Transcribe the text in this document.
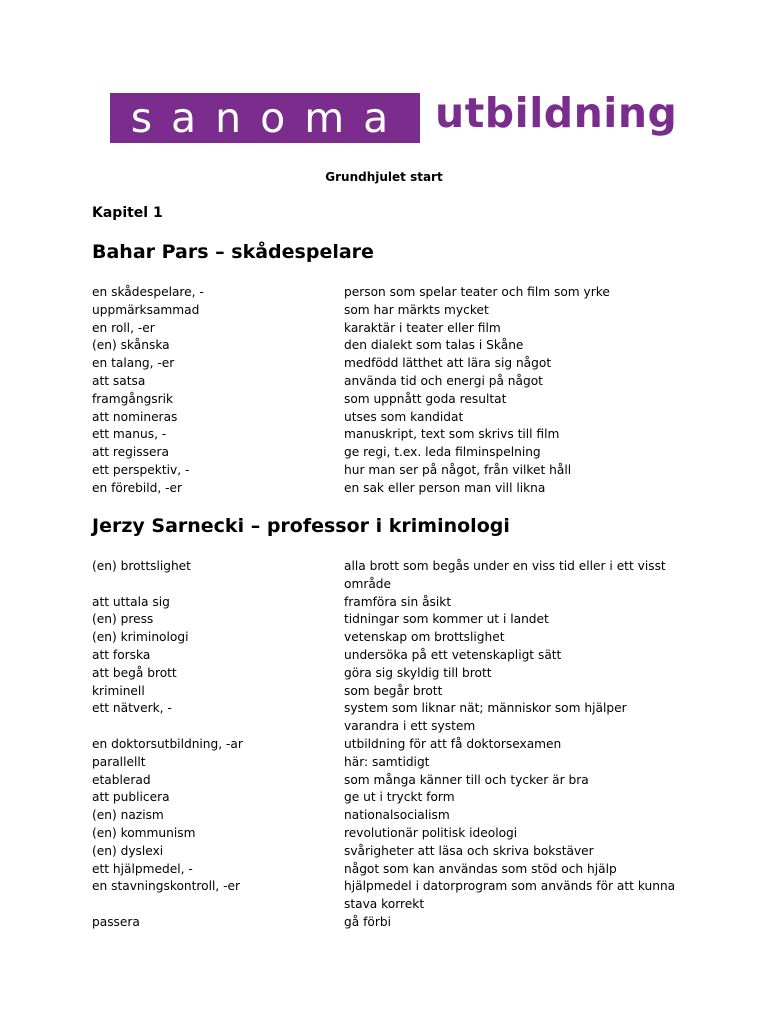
sanoma utbildning
Grundhjulet start
Kapitel 1
Bahar Pars – skådespelare
en skådespelare, -	person som spelar teater och film som yrke
uppmärksammad	som har märkts mycket
en roll, -er	karaktär i teater eller film
(en) skånska	den dialekt som talas i Skåne
en talang, -er	medfödd lätthet att lära sig något
att satsa	använda tid och energi på något
framgångsrik	som uppnått goda resultat
att nomineras	utses som kandidat
ett manus, -	manuskript, text som skrivs till film
att regissera	ge regi, t.ex. leda filminspelning
ett perspektiv, -	hur man ser på något, från vilket håll
en förebild, -er	en sak eller person man vill likna
Jerzy Sarnecki – professor i kriminologi
(en) brottslighet	alla brott som begås under en viss tid eller i ett visst område
att uttala sig	framföra sin åsikt
(en) press	tidningar som kommer ut i landet
(en) kriminologi	vetenskap om brottslighet
att forska	undersöka på ett vetenskapligt sätt
att begå brott	göra sig skyldig till brott
kriminell	som begår brott
ett nätverk, -	system som liknar nät; människor som hjälper varandra i ett system
en doktorsutbildning, -ar	utbildning för att få doktorsexamen
parallellt	här: samtidigt
etablerad	som många känner till och tycker är bra
att publicera	ge ut i tryckt form
(en) nazism	nationalsocialism
(en) kommunism	revolutionär politisk ideologi
(en) dyslexi	svårigheter att läsa och skriva bokstäver
ett hjälpmedel, -	något som kan användas som stöd och hjälp
en stavningskontroll, -er	hjälpmedel i datorprogram som används för att kunna stava korrekt
passera	gå förbi
